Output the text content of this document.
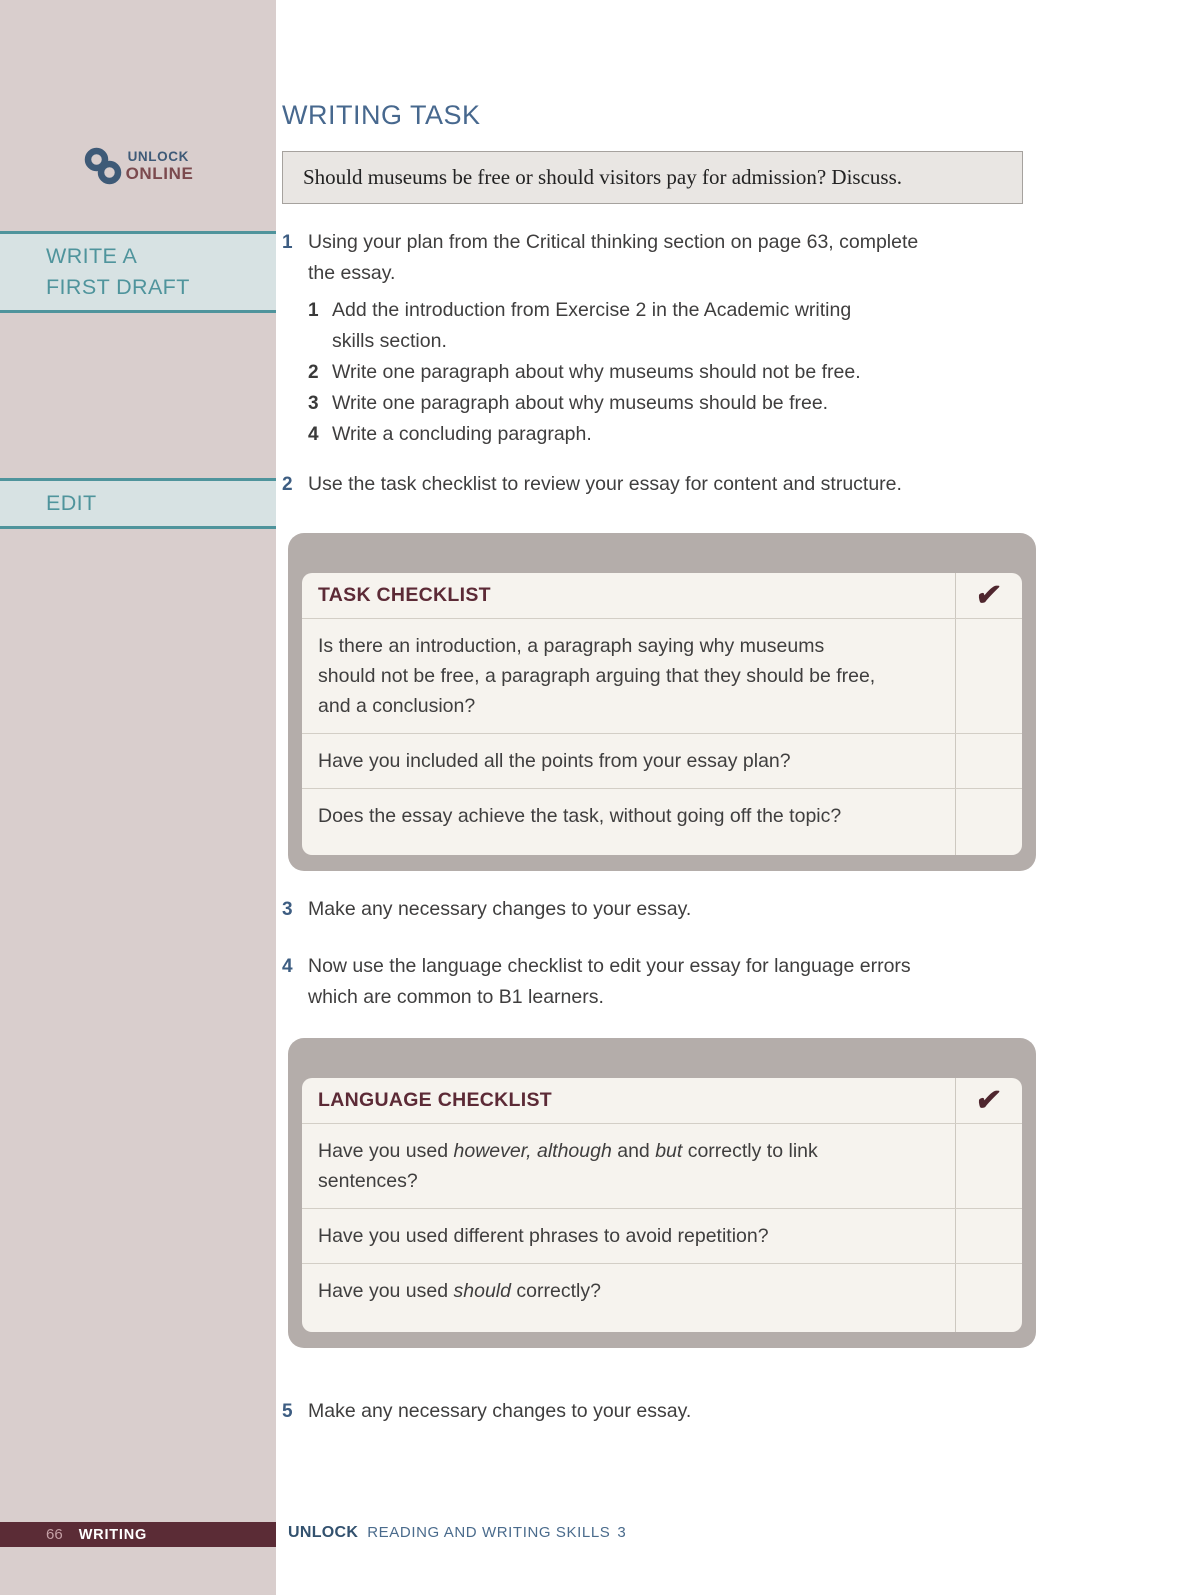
UNLOCK
ONLINE
WRITE A
FIRST DRAFT
EDIT
66 WRITING
WRITING TASK
Should museums be free or should visitors pay for admission? Discuss.
1 Using your plan from the Critical thinking section on page 63, complete
the essay.
1 Add the introduction from Exercise 2 in the Academic writing
skills section.
2 Write one paragraph about why museums should not be free.
3 Write one paragraph about why museums should be free.
4 Write a concluding paragraph.
2 Use the task checklist to review your essay for content and structure.
TASK CHECKLIST	✔
Is there an introduction, a paragraph saying why museums
should not be free, a paragraph arguing that they should be free,
and a conclusion?
Have you included all the points from your essay plan?
Does the essay achieve the task, without going off the topic?
3 Make any necessary changes to your essay.
4 Now use the language checklist to edit your essay for language errors
which are common to B1 learners.
LANGUAGE CHECKLIST	✔
Have you used however, although and but correctly to link
sentences?
Have you used different phrases to avoid repetition?
Have you used should correctly?
5 Make any necessary changes to your essay.
UNLOCK READING AND WRITING SKILLS 3
